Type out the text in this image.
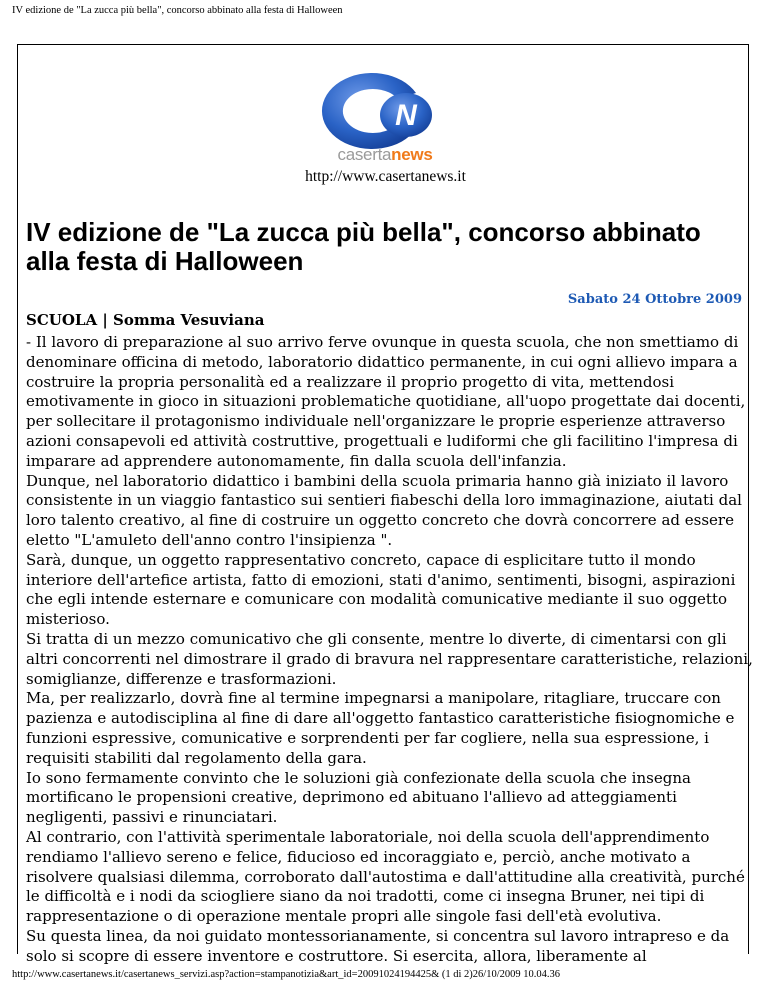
IV edizione de "La zucca più bella", concorso abbinato alla festa di Halloween
N
casertanews
http://www.casertanews.it
IV edizione de "La zucca più bella", concorso abbinato alla festa di Halloween
Sabato 24 Ottobre 2009
SCUOLA | Somma Vesuviana

- Il lavoro di preparazione al suo arrivo ferve ovunque in questa scuola, che non smettiamo di denominare officina di metodo, laboratorio didattico permanente, in cui ogni allievo impara a costruire la propria personalità ed a realizzare il proprio progetto di vita, mettendosi emotivamente in gioco in situazioni problematiche quotidiane, all'uopo progettate dai docenti, per sollecitare il protagonismo individuale nell'organizzare le proprie esperienze attraverso azioni consapevoli ed attività costruttive, progettuali e ludiformi che gli facilitino l'impresa di imparare ad apprendere autonomamente, fin dalla scuola dell'infanzia.

Dunque, nel laboratorio didattico i bambini della scuola primaria hanno già iniziato il lavoro consistente in un viaggio fantastico sui sentieri fiabeschi della loro immaginazione, aiutati dal loro talento creativo, al fine di costruire un oggetto concreto che dovrà concorrere ad essere eletto "L'amuleto dell'anno contro l'insipienza ".

Sarà, dunque, un oggetto rappresentativo concreto, capace di esplicitare tutto il mondo interiore dell'artefice artista, fatto di emozioni, stati d'animo, sentimenti, bisogni, aspirazioni che egli intende esternare e comunicare con modalità comunicative mediante il suo oggetto misterioso.

Si tratta di un mezzo comunicativo che gli consente, mentre lo diverte, di cimentarsi con gli altri concorrenti nel dimostrare il grado di bravura nel rappresentare caratteristiche, relazioni, somiglianze, differenze e trasformazioni.

Ma, per realizzarlo, dovrà fine al termine impegnarsi a manipolare, ritagliare, truccare con pazienza e autodisciplina al fine di dare all'oggetto fantastico caratteristiche fisiognomiche e funzioni espressive, comunicative e sorprendenti per far cogliere, nella sua espressione, i requisiti stabiliti dal regolamento della gara.

Io sono fermamente convinto che le soluzioni già confezionate della scuola che insegna mortificano le propensioni creative, deprimono ed abituano l'allievo ad atteggiamenti negligenti, passivi e rinunciatari.

Al contrario, con l'attività sperimentale laboratoriale, noi della scuola dell'apprendimento rendiamo l'allievo sereno e felice, fiducioso ed incoraggiato e, perciò, anche motivato a risolvere qualsiasi dilemma, corroborato dall'autostima e dall'attitudine alla creatività, purché le difficoltà e i nodi da sciogliere siano da noi tradotti, come ci insegna Bruner, nei tipi di rappresentazione o di operazione mentale propri alle singole fasi dell'età evolutiva.

Su questa linea, da noi guidato montessorianamente, si concentra sul lavoro intrapreso e da solo si scopre di essere inventore e costruttore. Si esercita, allora, liberamente al

http://www.casertanews.it/casertanews_servizi.asp?action=stampanotizia&art_id=20091024194425& (1 di 2)26/10/2009 10.04.36
